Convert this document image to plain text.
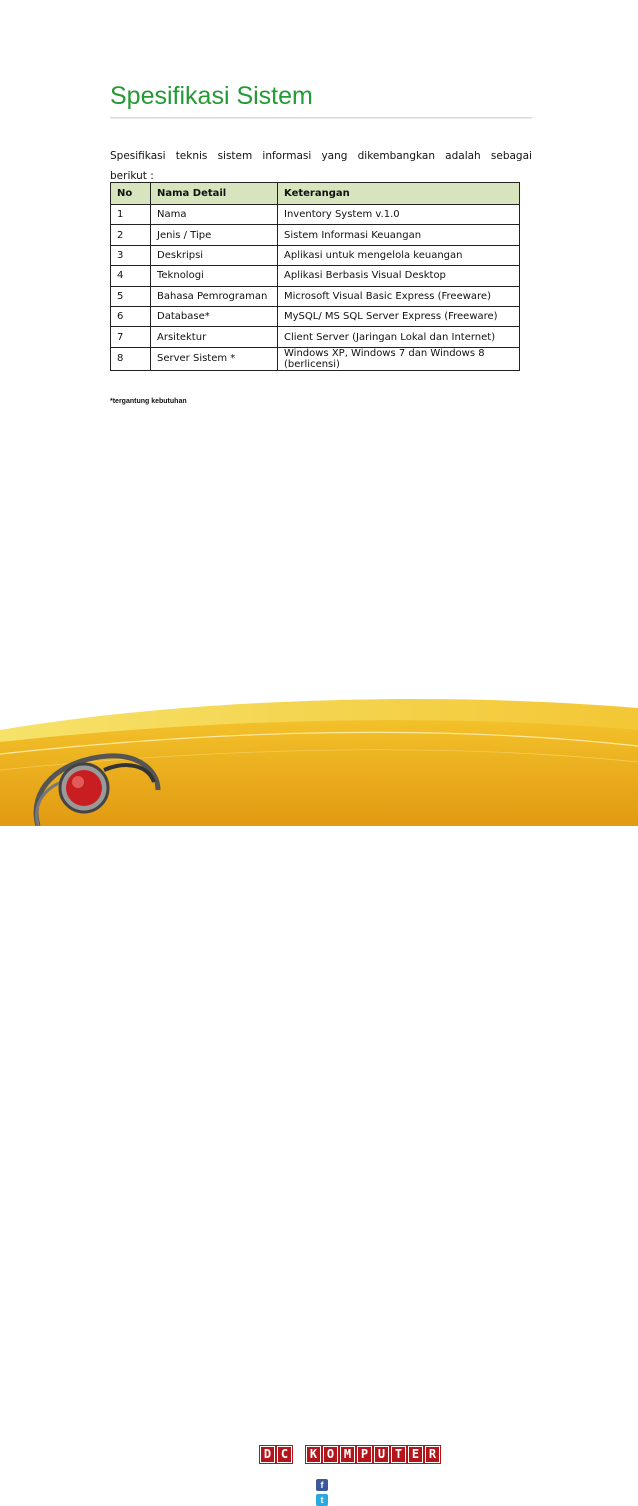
Spesifikasi Sistem
Spesifikasi teknis sistem informasi yang dikembangkan adalah sebagai
berikut :
No	Nama Detail	Keterangan
1	Nama	Inventory System v.1.0
2	Jenis / Tipe	Sistem Informasi Keuangan
3	Deskripsi	Aplikasi untuk mengelola keuangan
4	Teknologi	Aplikasi Berbasis Visual Desktop
5	Bahasa Pemrograman	Microsoft Visual Basic Express (Freeware)
6	Database*	MySQL/ MS SQL Server Express (Freeware)
7	Arsitektur	Client Server (Jaringan Lokal dan Internet)
8	Server Sistem *	Windows XP, Windows 7 dan Windows 8 (berlicensi)
*tergantung kebutuhan
D C	K O M P U T E R
JL. JAMBU I NO.224 PERUM BABAKAN, PURBALINGGA.
Homepage : Http://dckomputer.wordpress.com	f	https://www.facebook.com/dckomputerpurbalingga
t	https://twitter.com/dckomputer
